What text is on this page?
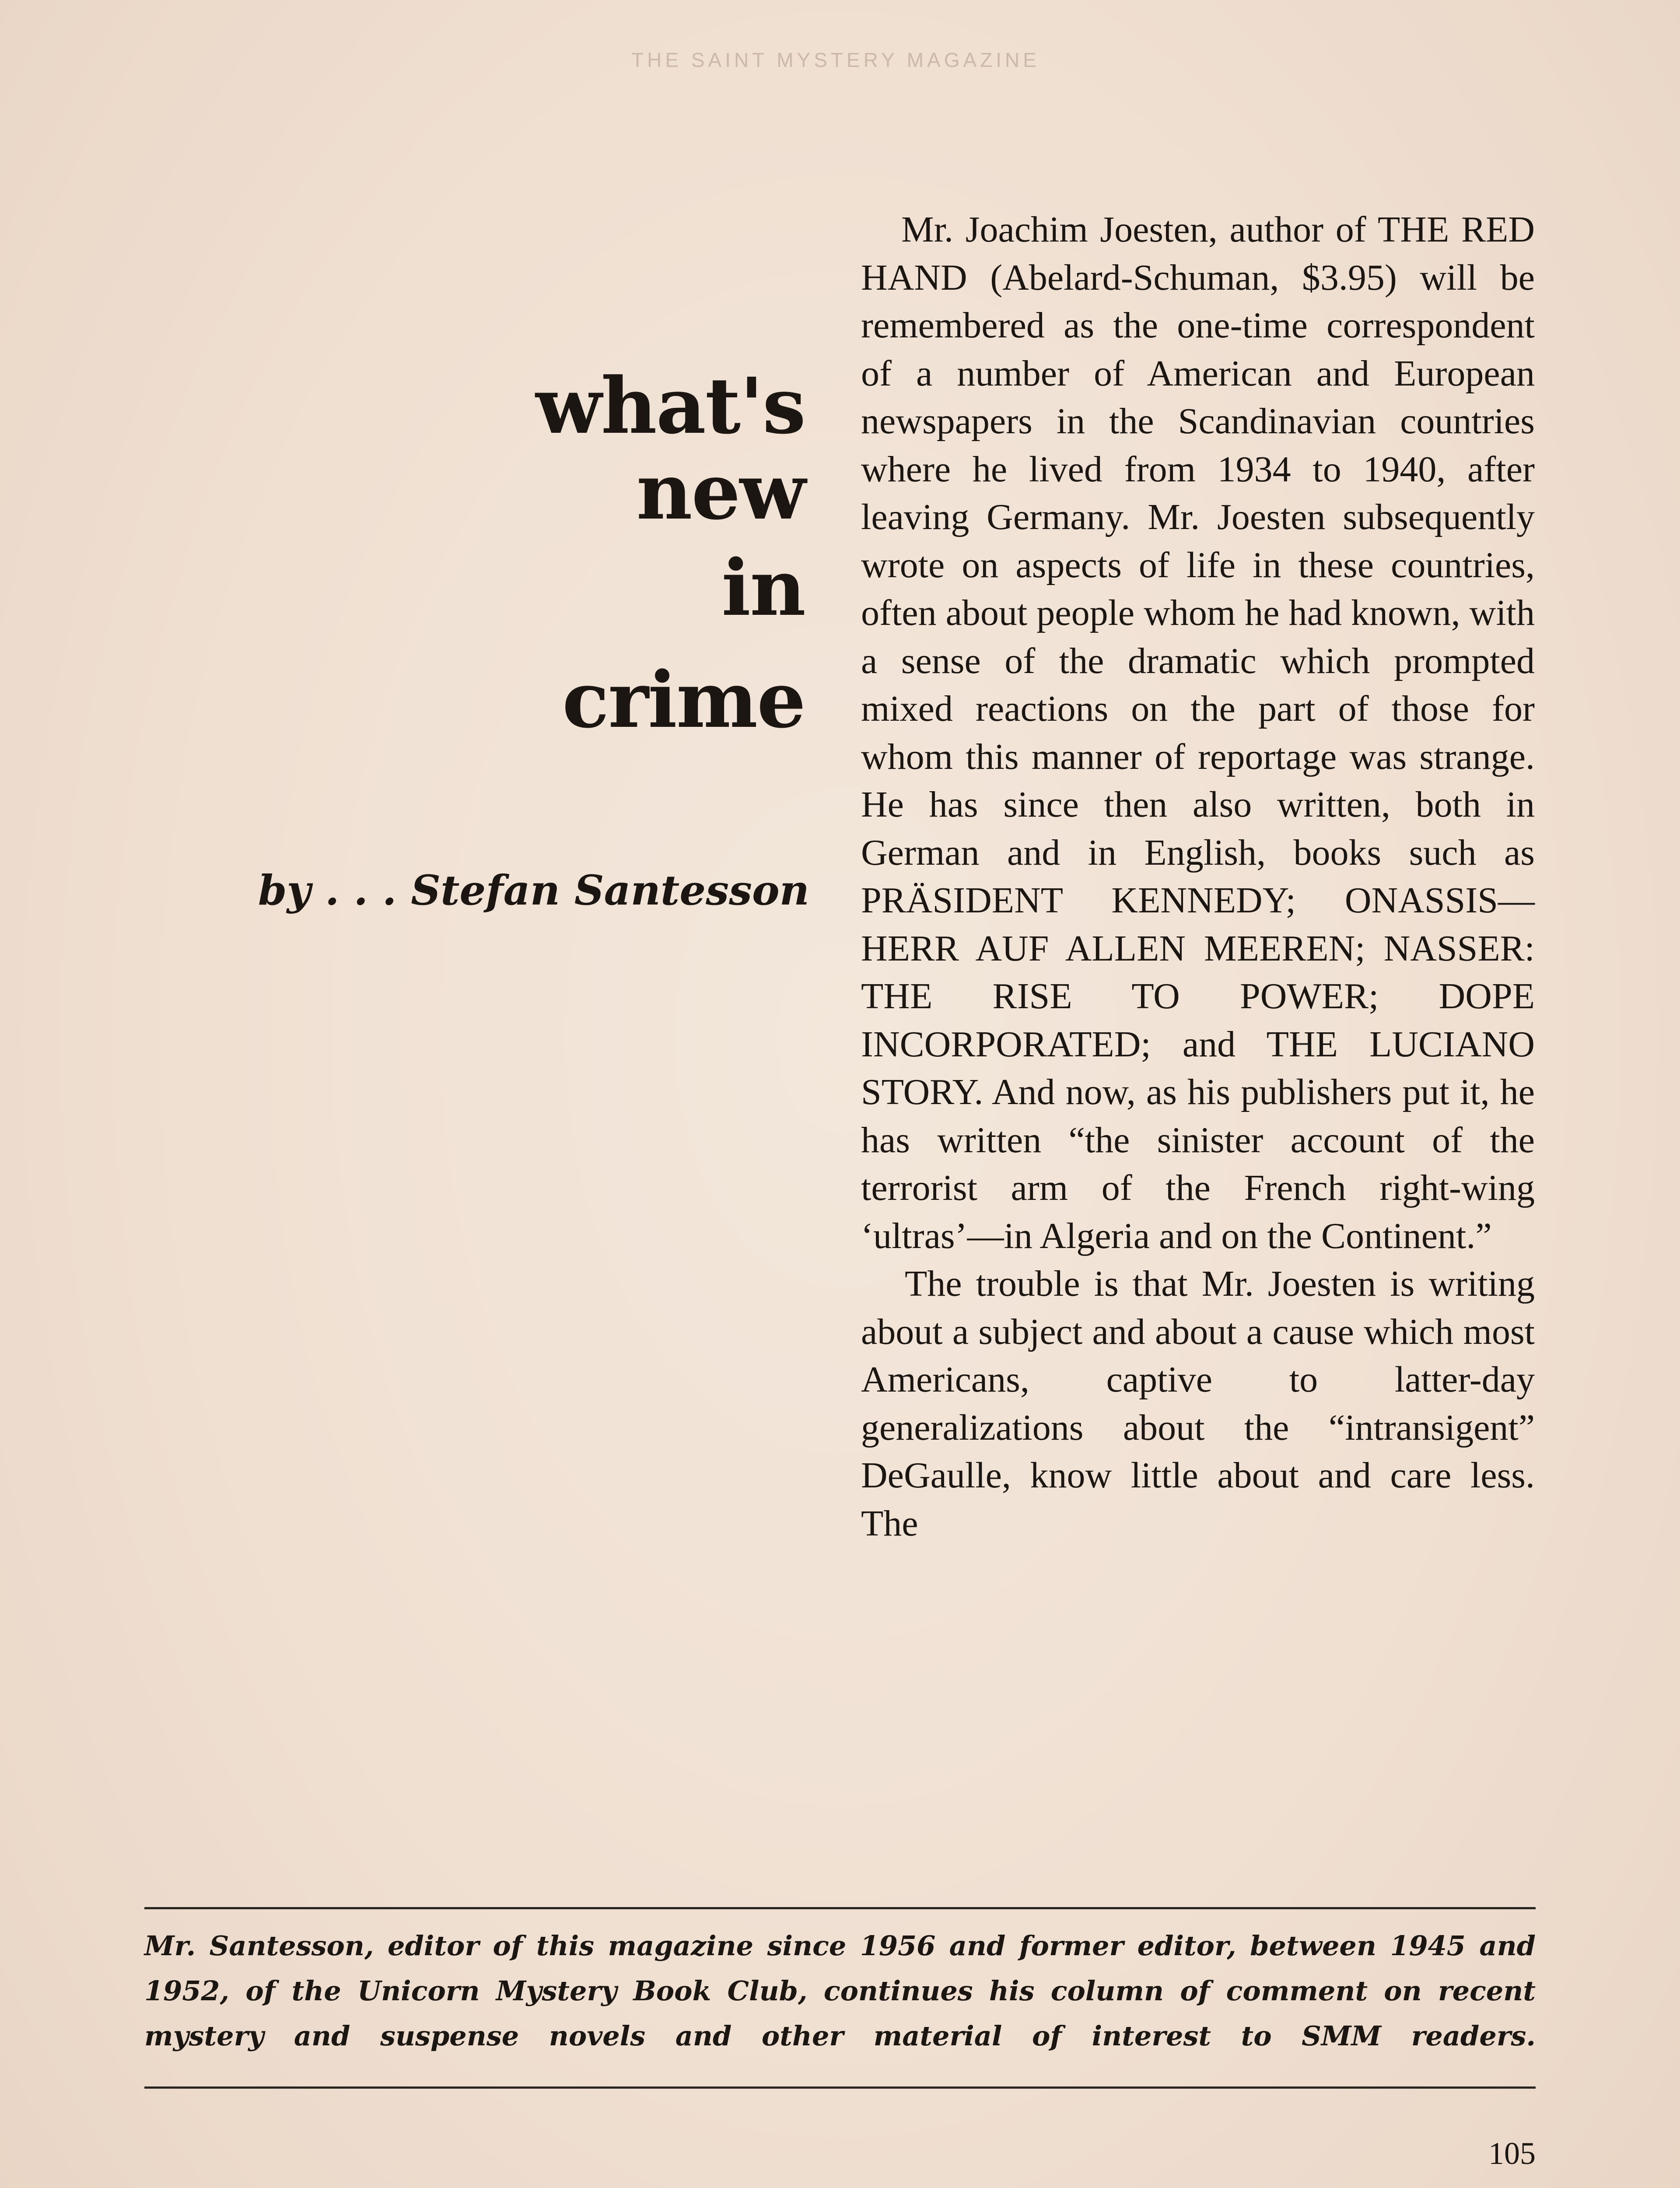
THE SAINT MYSTERY MAGAZINE
what's
new
in
crime
by . . . Stefan Santesson

Mr. Joachim Joesten, author of THE RED HAND (Abelard-Schuman, $3.95) will be remembered as the one-time correspondent of a number of American and European newspapers in the Scandinavian countries where he lived from 1934 to 1940, after leaving Germany. Mr. Joesten subsequently wrote on aspects of life in these countries, often about people whom he had known, with a sense of the dramatic which prompted mixed reactions on the part of those for whom this manner of reportage was strange. He has since then also written, both in German and in English, books such as PRÄSIDENT KENNEDY; ONASSIS—HERR AUF ALLEN MEEREN; NASSER: THE RISE TO POWER; DOPE INCORPORATED; and THE LUCIANO STORY. And now, as his publishers put it, he has written “the sinister account of the terrorist arm of the French right-wing ‘ultras’—in Algeria and on the Continent.”

The trouble is that Mr. Joesten is writing about a subject and about a cause which most Americans, captive to latter-day generalizations about the “intransigent” DeGaulle, know little about and care less. The

Mr. Santesson, editor of this magazine since 1956 and former editor, between 1945 and 1952, of the Unicorn Mystery Book Club, continues his column of comment on recent mystery and suspense novels and other material of interest to SMM readers.
105
